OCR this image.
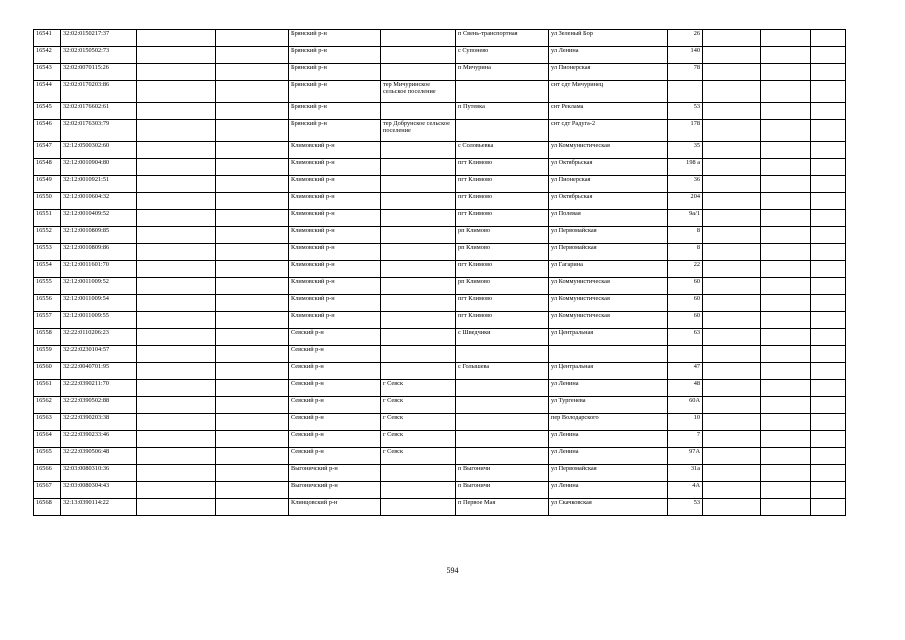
16541	32:02:0150217:37			Брянский р-н		п Свень-транспортная	ул Зеленый Бор	26			
16542	32:02:0150502:73			Брянский р-н		с Супонево	ул Ленина	140			
16543	32:02:0070115:26			Брянский р-н		п Мичурина	ул Пионерская	78			
16544	32:02:0170203:86			Брянский р-н	тер Мичуринское сельское поселение		снт сдт Мичуринец				
16545	32:02:0176602:61			Брянский р-н		п Путевка	снт Реклама	53			
16546	32:02:0176303:79			Брянский р-н	тер Добрунское сельское поселение		снт сдт Радуга-2	178			
16547	32:12:0500302:60			Климовский р-н		с Соловьевка	ул Коммунистическая	35			
16548	32:12:0010904:80			Климовский р-н		пгт Климово	ул Октябрьская	198 а			
16549	32:12:0010921:51			Климовский р-н		пгт Климово	ул Пионерская	36			
16550	32:12:0010604:32			Климовский р-н		пгт Климово	ул Октябрьская	204			
16551	32:12:0010409:52			Климовский р-н		пгт Климово	ул Полевая	9а/1			
16552	32:12:0010809:85			Климовский р-н		рп Климово	ул Первомайская	8			
16553	32:12:0010809:86			Климовский р-н		рп Климово	ул Первомайская	8			
16554	32:12:0011601:70			Климовский р-н		пгт Климово	ул Гагарина	22			
16555	32:12:0011009:52			Климовский р-н		рп Климово	ул Коммунистическая	60			
16556	32:12:0011009:54			Климовский р-н		пгт Климово	ул Коммунистическая	60			
16557	32:12:0011009:55			Климовский р-н		пгт Климово	ул Коммунистическая	60			
16558	32:22:0110206:23			Севский р-н		с Шведчики	ул Центральная	63			
16559	32:22:0230104:57			Севский р-н							
16560	32:22:0040701:95			Севский р-н		с Голышева	ул Центральная	47			
16561	32:22:0390211:70			Севский р-н	г Севск		ул Ленина	48			
16562	32:22:0390502:88			Севский р-н	г Севск		ул Тургенева	60А			
16563	32:22:0390203:38			Севский р-н	г Севск		пер Володарского	10			
16564	32:22:0390233:46			Севский р-н	г Севск		ул Ленина	7			
16565	32:22:0390506:48			Севский р-н	г Севск		ул Ленина	97А			
16566	32:03:0080310:36			Выгоничский р-н		п Выгоничи	ул Первомайская	31а			
16567	32:03:0080304:43			Выгоничский р-н		п Выгоничи	ул Ленина	4А			
16568	32:13:0390114:22			Клинцовский р-н		п Первое Мая	ул Скачковская	53			
594
